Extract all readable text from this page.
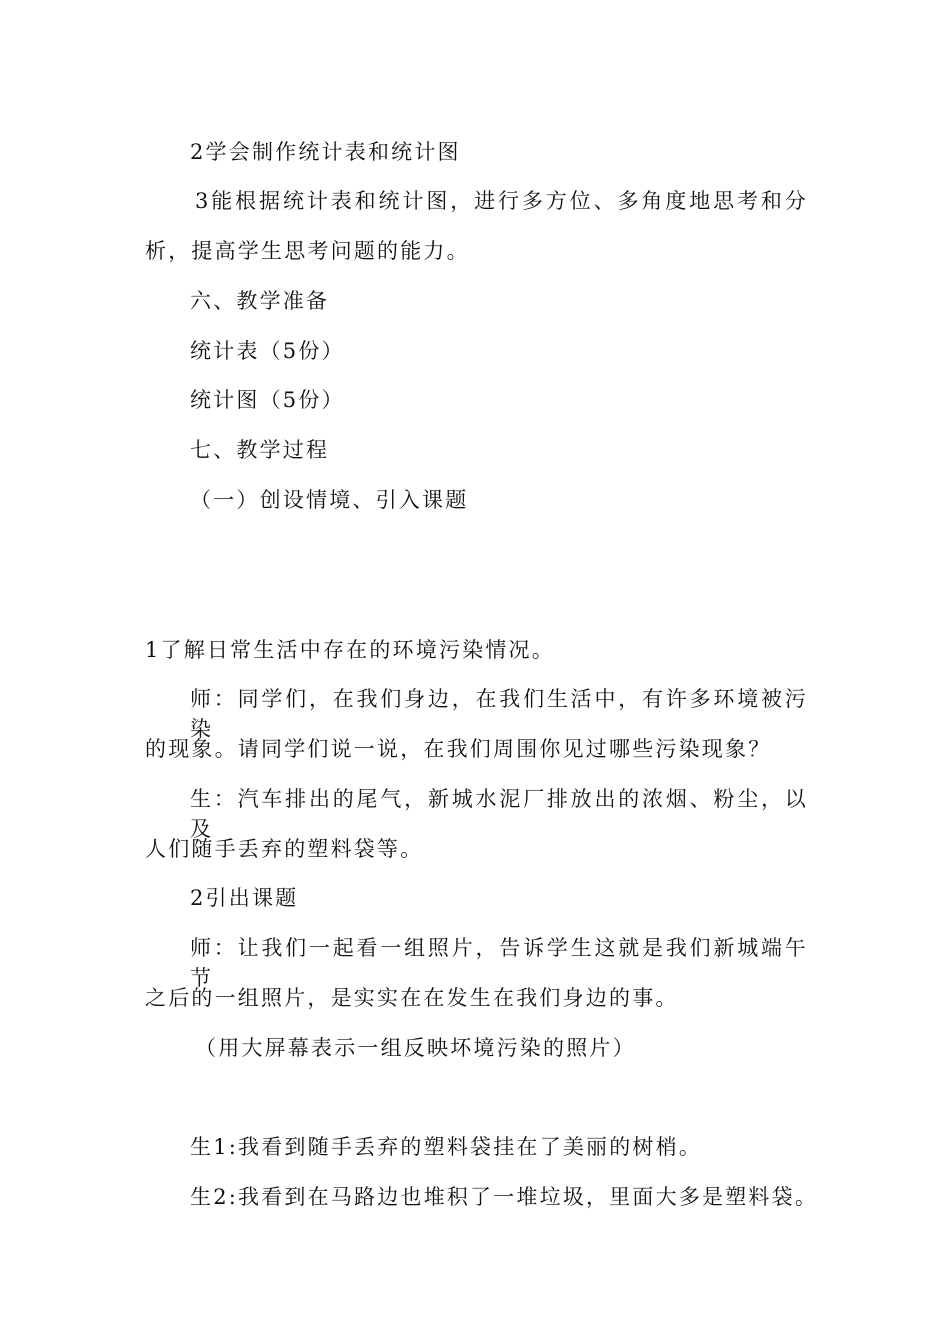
2学会制作统计表和统计图
3能根据统计表和统计图，进行多方位、多角度地思考和分
析，提高学生思考问题的能力。
六、教学准备
统计表（5份）
统计图（5份）
七、教学过程
（一）创设情境、引入课题
1了解日常生活中存在的环境污染情况。
师：同学们，在我们身边，在我们生活中，有许多环境被污染
的现象。请同学们说一说，在我们周围你见过哪些污染现象？
生：汽车排出的尾气，新城水泥厂排放出的浓烟、粉尘，以及
人们随手丢弃的塑料袋等。
2引出课题
师：让我们一起看一组照片，告诉学生这就是我们新城端午节
之后的一组照片，是实实在在发生在我们身边的事。
（用大屏幕表示一组反映坏境污染的照片）
生1:我看到随手丢弃的塑料袋挂在了美丽的树梢。
生2:我看到在马路边也堆积了一堆垃圾，里面大多是塑料袋。
